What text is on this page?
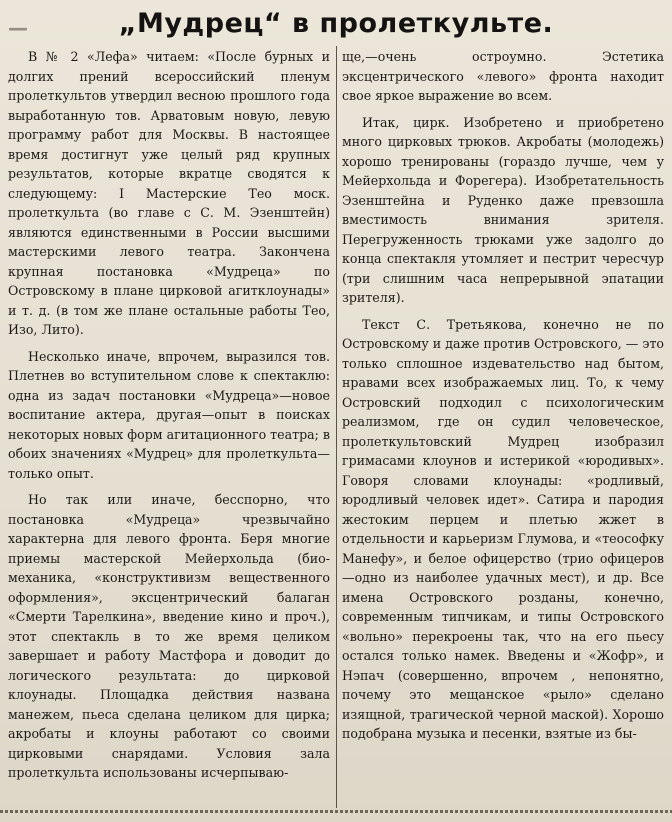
—	„Мудрец“ в пролеткульте.

В № 2 «Лефа» читаем: «После бурных и долгих прений всероссийский пленум пролеткультов утвердил весною прошлого года выработанную тов. Арватовым новую, левую программу работ для Москвы. В настоящее время достигнут уже целый ряд крупных результатов, которые вкратце сводятся к следующему: I Мастерские Тео моск. пролеткульта (во главе с С. М. Эзенштейн) являются единственными в России высшими мастерскими левого театра. Закончена крупная постановка «Мудреца» по Островскому в плане цирковой агитклоунады» и т. д. (в том же плане остальные работы Тео, Изо, Лито).

Несколько иначе, впрочем, выразился тов. Плетнев во вступительном слове к спектаклю: одна из задач постановки «Мудреца»—новое воспитание актера, другая—опыт в поисках некоторых новых форм агитационного театра; в обоих значениях «Мудрец» для пролеткульта—только опыт.

Но так или иначе, бесспорно, что постановка «Мудреца» чрезвычайно характерна для левого фронта. Беря многие приемы мастерской Мейерхольда (био-механика, «конструктивизм вещественного оформления», эксцентрический балаган «Смерти Тарелкина», введение кино и проч.), этот спектакль в то же время целиком завершает и работу Мастфора и доводит до логического результата: до цирковой клоунады. Площадка действия названа манежем, пьеса сделана целиком для цирка; акробаты и клоуны работают со своими цирковыми снарядами. Условия зала пролеткульта использованы исчерпываю-

ще,—очень остроумно. Эстетика эксцентрического «левого» фронта находит свое яркое выражение во всем.

Итак, цирк. Изобретено и приобретено много цирковых трюков. Акробаты (молодежь) хорошо тренированы (гораздо лучше, чем у Мейерхольда и Форегера). Изобретательность Эзенштейна и Руденко даже превзошла вместимость внимания зрителя. Перегруженность трюками уже задолго до конца спектакля утомляет и пестрит чересчур (три слишним часа непрерывной эпатации зрителя).

Текст С. Третьякова, конечно не по Островскому и даже против Островского, — это только сплошное издевательство над бытом, нравами всех изображаемых лиц. То, к чему Островский подходил с психологическим реализмом, где он судил человеческое, пролеткультовский Мудрец изобразил гримасами клоунов и истерикой «юродивых». Говоря словами клоунады: «родливый, юродливый человек идет». Сатира и пародия жестоким перцем и плетью жжет в отдельности и карьеризм Глумова, и «теософку Манефу», и белое офицерство (трио офицеров—одно из наиболее удачных мест), и др. Все имена Островского розданы, конечно, современным типчикам, и типы Островского «вольно» перекроены так, что на его пьесу остался только намек. Введены и «Жофр», и Нэпач (совершенно, впрочем , непонятно, почему это мещанское «рыло» сделано изящной, трагической черной маской). Хорошо подобрана музыка и песенки, взятые из бы-
